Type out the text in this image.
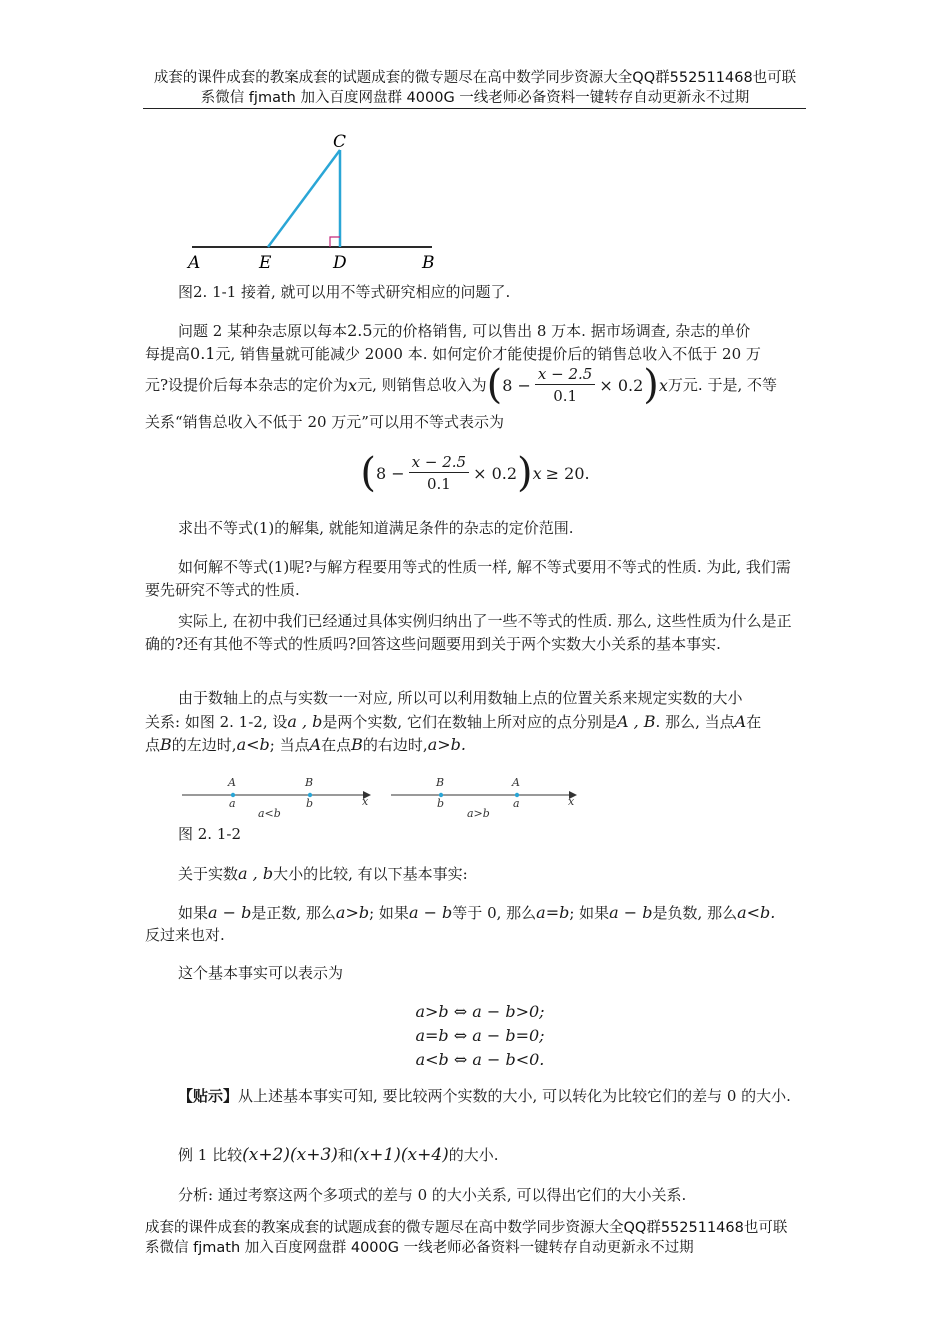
成套的课件成套的教案成套的试题成套的微专题尽在高中数学同步资源大全QQ群552511468也可联
系微信 fjmath 加入百度网盘群 4000G 一线老师必备资料一键转存自动更新永不过期
C
A	E	D	B
图2. 1-1 接着, 就可以用不等式研究相应的问题了.
问题 2 某种杂志原以每本2.5元的价格销售, 可以售出 8 万本. 据市场调查, 杂志的单价
每提高0.1元, 销售量就可能减少 2000 本. 如何定价才能使提价后的销售总收入不低于 20 万
元?设提价后每本杂志的定价为 x 元, 则销售总收入为 ( $8 - \frac{x - 2.5}{0.1} \times 0.2$ ) x 万元. 于是, 不等
关系“销售总收入不低于 20 万元”可以用不等式表示为
( $8 - \frac{x - 2.5}{0.1} \times 0.2$ ) x ≥ 20.
求出不等式(1)的解集, 就能知道满足条件的杂志的定价范围.
如何解不等式(1)呢?与解方程要用等式的性质一样, 解不等式要用不等式的性质. 为此, 我们需要先研究不等式的性质.
实际上, 在初中我们已经通过具体实例归纳出了一些不等式的性质. 那么, 这些性质为什么是正确的?还有其他不等式的性质吗?回答这些问题要用到关于两个实数大小关系的基本事实.
由于数轴上的点与实数一一对应, 所以可以利用数轴上点的位置关系来规定实数的大小
关系: 如图 2. 1-2, 设a , b是两个实数, 它们在数轴上所对应的点分别是A , B. 那么, 当点A在
点B的左边时,a<b; 当点A在点B的右边时,a>b.
A	B
a	b	x
a<b
B	A
b	a	x
a>b
图 2. 1-2
关于实数a , b大小的比较, 有以下基本事实:
如果a − b是正数, 那么a>b; 如果a − b等于 0, 那么a=b; 如果a − b是负数, 那么a<b.
反过来也对.
这个基本事实可以表示为
a>b ⇔ a − b>0;
a=b ⇔ a − b=0;
a<b ⇔ a − b<0.
【贴示】从上述基本事实可知, 要比较两个实数的大小, 可以转化为比较它们的差与 0 的大小.
例 1 比较(x+2)(x+3)和(x+1)(x+4)的大小.
分析: 通过考察这两个多项式的差与 0 的大小关系, 可以得出它们的大小关系.
成套的课件成套的教案成套的试题成套的微专题尽在高中数学同步资源大全QQ群552511468也可联
系微信 fjmath 加入百度网盘群 4000G 一线老师必备资料一键转存自动更新永不过期
